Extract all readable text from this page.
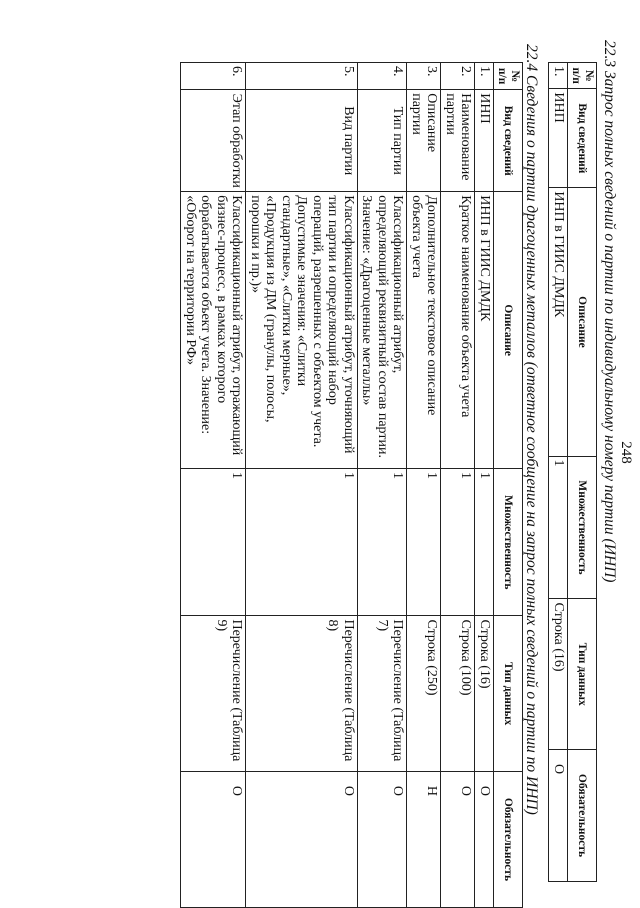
248
22.3 Запрос полных сведений о партии по индивидуальному номеру партии (ИНП)
№ п/п	Вид сведений	Описание	Множественность	Тип данных	Обязательность
1.	ИНП	ИНП в ГИИС ДМДК	1	Строка (16)	О
22.4 Сведения о партии драгоценных металлов (ответное сообщение на запрос полных сведений о партии по ИНП)
№ п/п	Вид сведений	Описание	Множественность	Тип данных	Обязательность
1.	ИНП	ИНП в ГИИС ДМДК	1	Строка (16)	О
2.	Наименование партии	Краткое наименование объекта учета	1	Строка (100)	О
3.	Описание партии	Дополнительное текстовое описание объекта учета	1	Строка (250)	Н
4.	Тип партии	Классификационный атрибут, определяющий реквизитный состав партии. Значение: «Драгоценные металлы»	1	Перечисление (Таблица 7)	О
5.	Вид партии	Классификационный атрибут, уточняющий тип партии и определяющий набор операций, разрешенных с объектом учета. Допустимые значения: «Слитки стандартные», «Слитки мерные», «Продукция из ДМ (гранулы, полосы, порошки и пр.)»	1	Перечисление (Таблица 8)	О
6.	Этап обработки	Классификационный атрибут, отражающий бизнес-процесс, в рамках которого обрабатывается объект учета. Значение: «Оборот на территории РФ»	1	Перечисление (Таблица 9)	О
